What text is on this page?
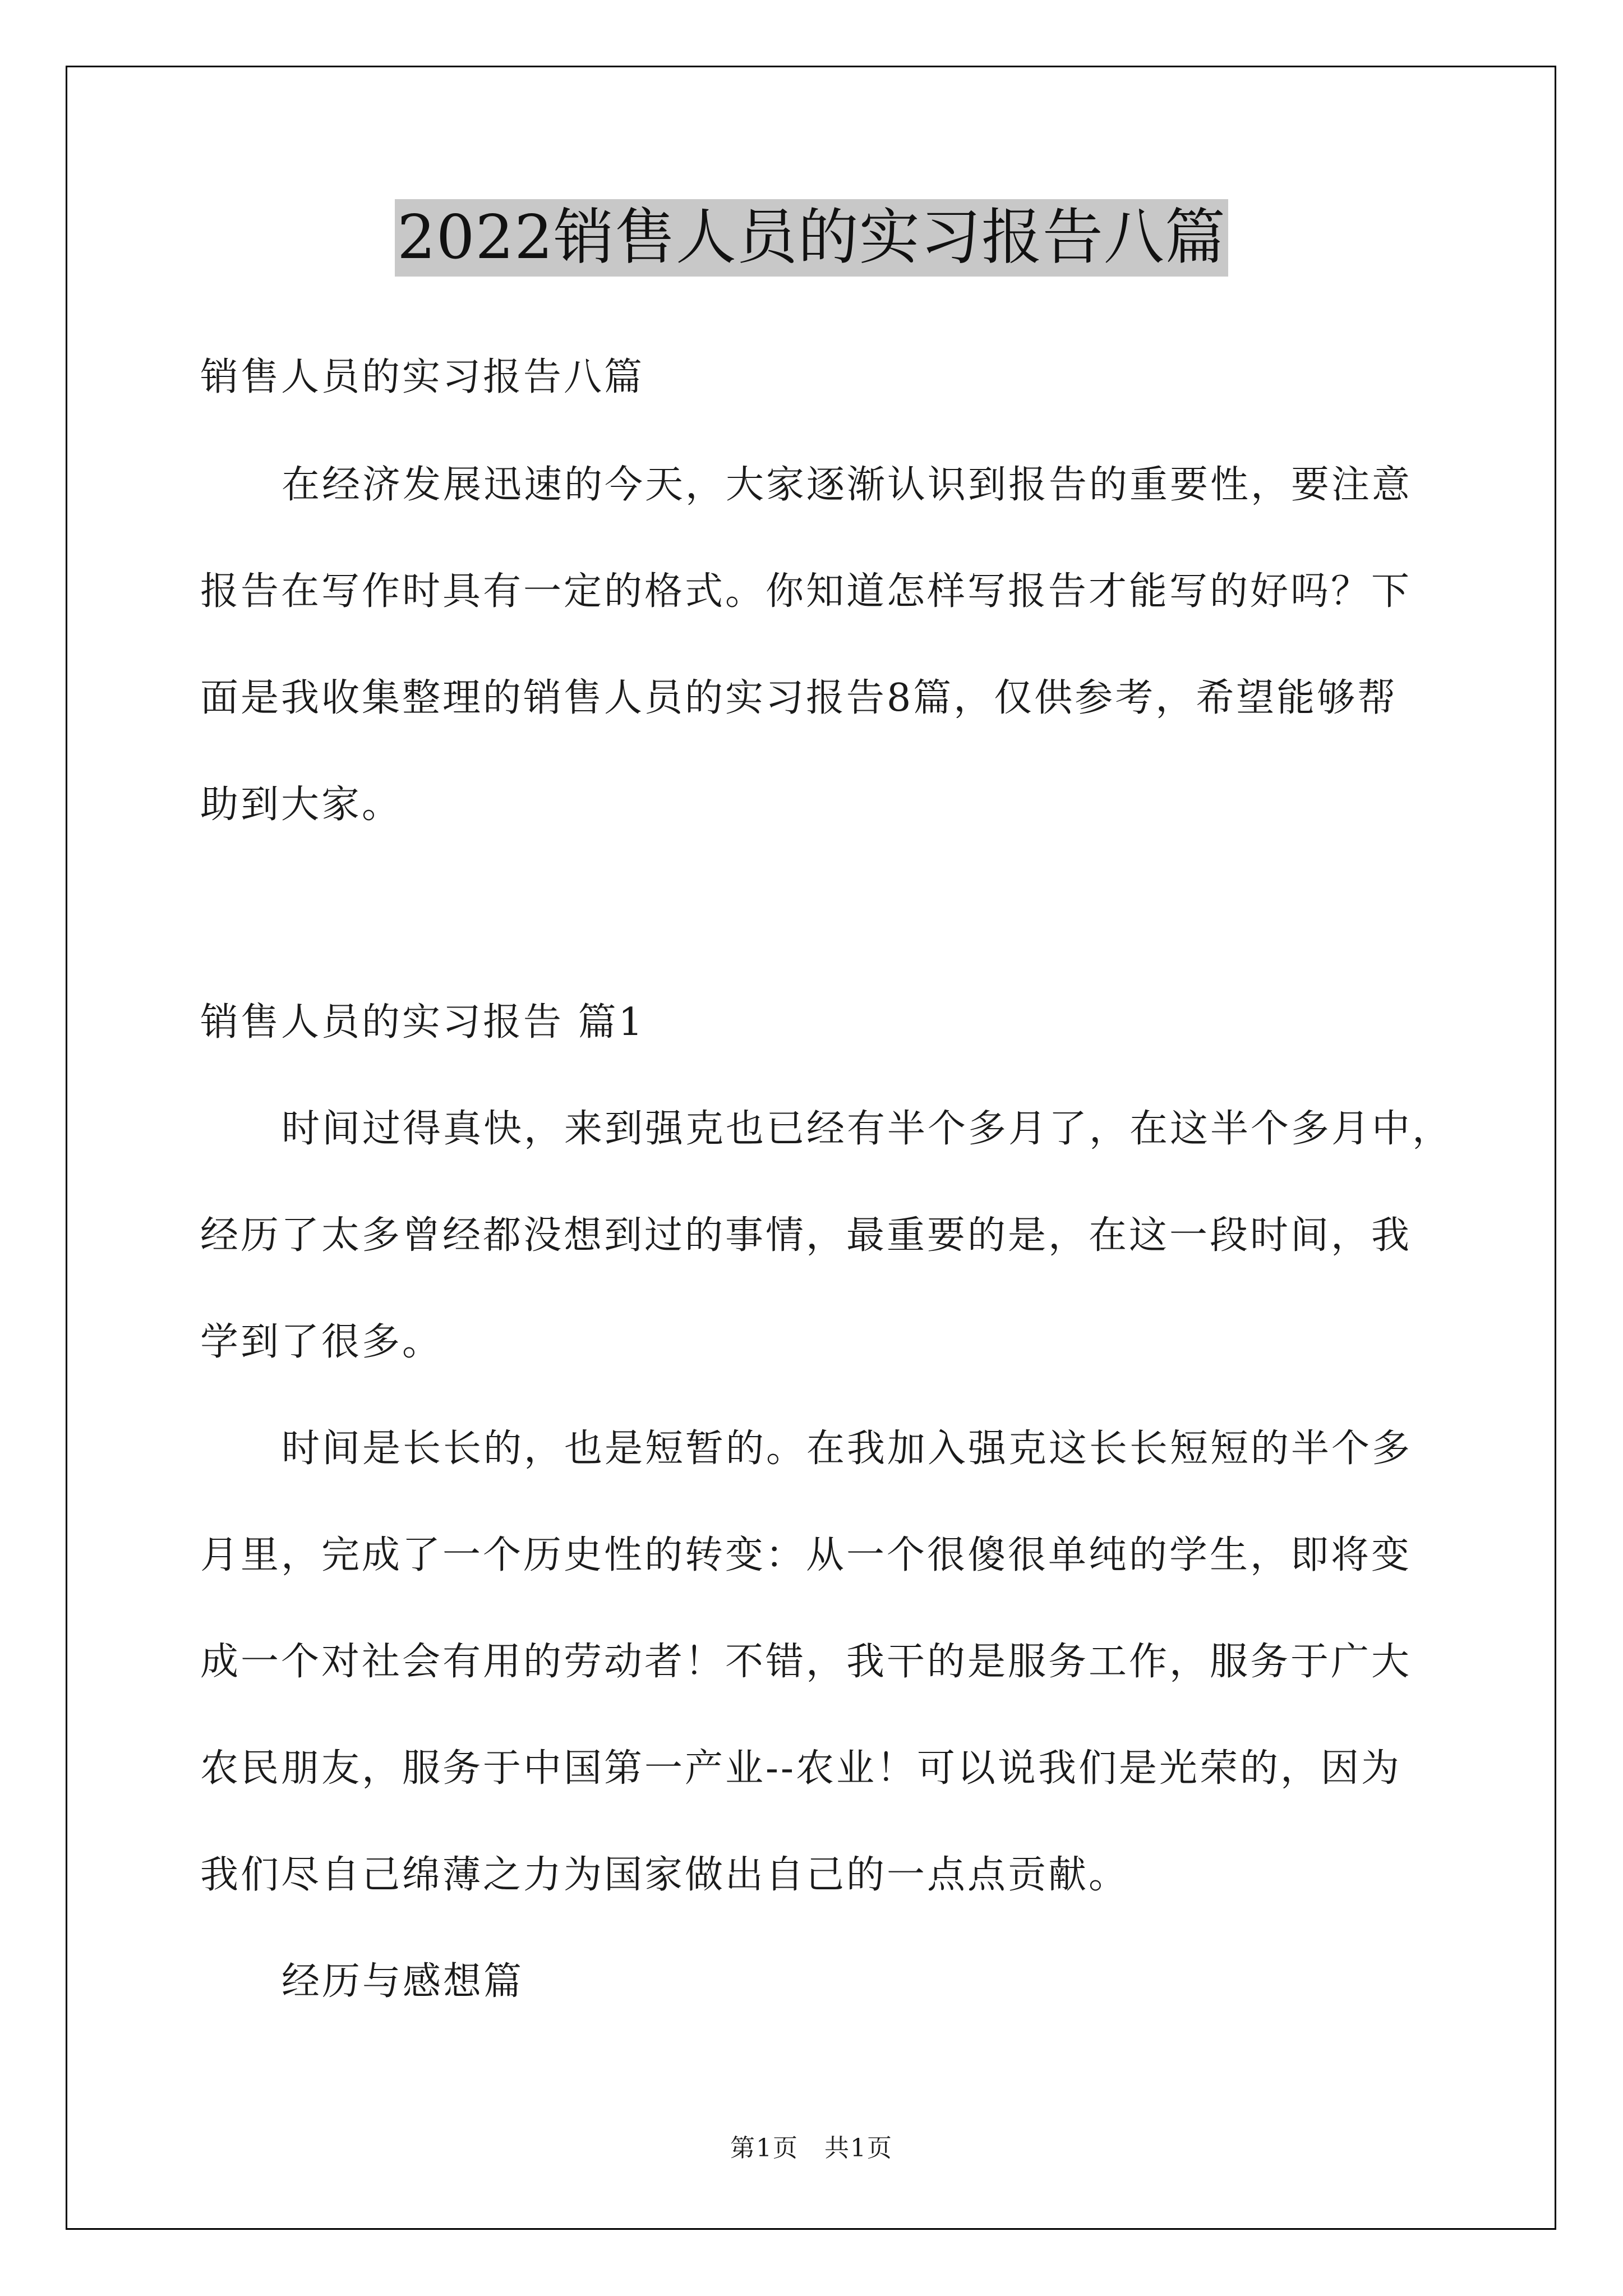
2022销售人员的实习报告八篇
销售人员的实习报告八篇
在经济发展迅速的今天，大家逐渐认识到报告的重要性，要注意
报告在写作时具有一定的格式。你知道怎样写报告才能写的好吗？下
面是我收集整理的销售人员的实习报告8篇，仅供参考，希望能够帮
助到大家。
销售人员的实习报告 篇1
时间过得真快，来到强克也已经有半个多月了，在这半个多月中，
经历了太多曾经都没想到过的事情，最重要的是，在这一段时间，我
学到了很多。
时间是长长的，也是短暂的。在我加入强克这长长短短的半个多
月里，完成了一个历史性的转变：从一个很傻很单纯的学生，即将变
成一个对社会有用的劳动者！不错，我干的是服务工作，服务于广大
农民朋友，服务于中国第一产业--农业！可以说我们是光荣的，因为
我们尽自己绵薄之力为国家做出自己的一点点贡献。
经历与感想篇
第1页　共1页
